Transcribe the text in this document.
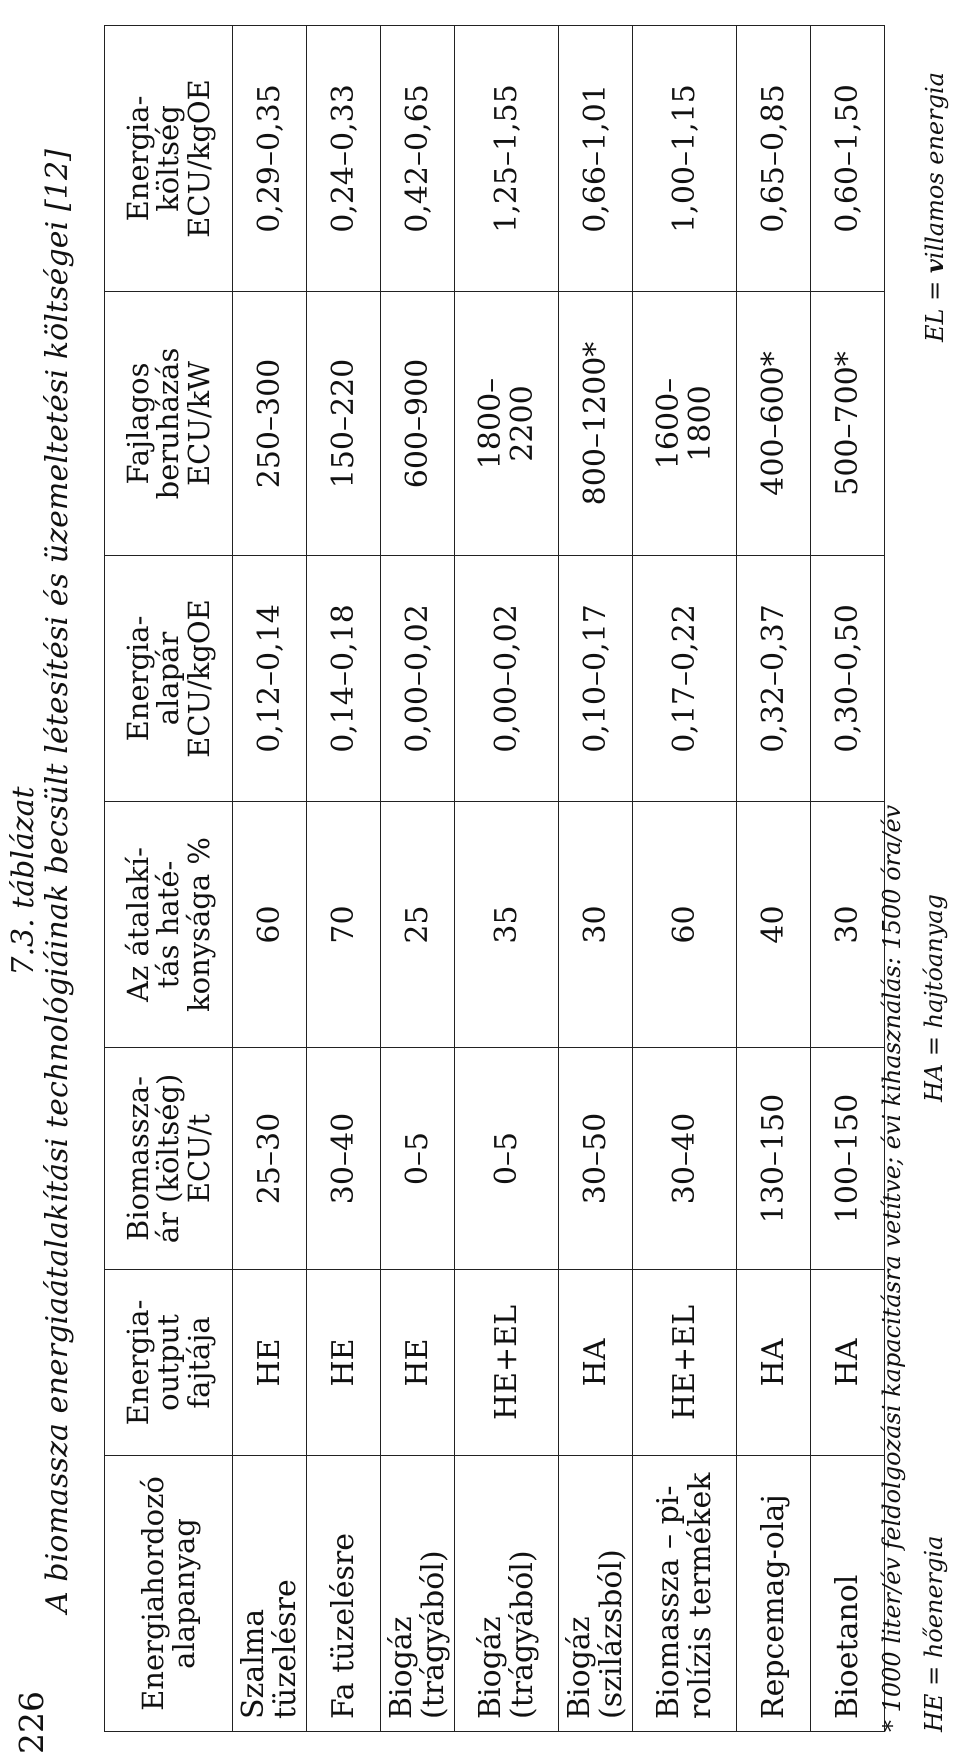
226
7.3. táblázat A biomassza energiaátalakítási technológiáinak becsült létesítési és üzemeltetési költségei [12] Energiahordozó
alapanyag	Energia-
output
fajtája	Biomassza-
ár (költség)
ECU/t	Az átalakí-
tás haté-
konysága %	Energia-
alapár
ECU/kgOE	Fajlagos
beruházás
ECU/kW	Energia-
költség
ECU/kgOE
Szalma tüzelésre	HE	25–30	60	0,12–0,14	250–300	0,29–0,35
Fa tüzelésre	HE	30–40	70	0,14–0,18	150–220	0,24–0,33
Biogáz (trágyából)	HE	0–5	25	0,00–0,02	600–900	0,42–0,65
Biogáz (trágyából)	HE+EL	0–5	35	0,00–0,02	1800–
2200	1,25–1,55
Biogáz (szilázsból)	HA	30–50	30	0,10–0,17	800–1200*	0,66–1,01
Biomassza – pi-
rolízis termékek	HE+EL	30–40	60	0,17–0,22	1600–
1800	1,00–1,15
Repcemag-olaj	HA	130–150	40	0,32–0,37	400–600*	0,65–0,85
Bioetanol	HA	100–150	30	0,30–0,50	500–700*	0,60–1,50
* 1000 liter/év feldolgozási kapacitásra vetítve; évi kihasználás: 1500 óra/év HE = hőenergia
HA = hajtóanyag
EL = villamos energia
